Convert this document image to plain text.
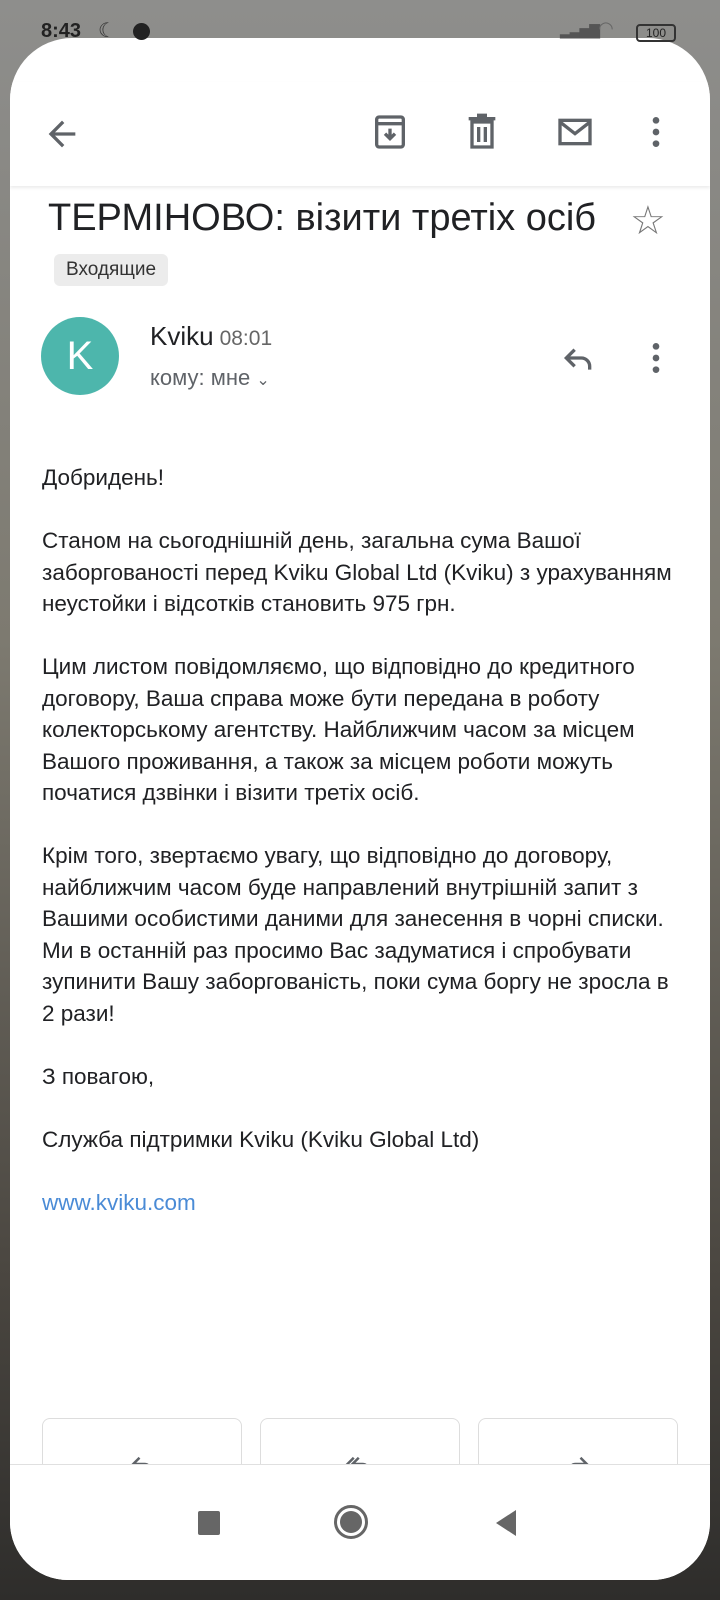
8:43 ☾	▂▃▅▇
◠	100
ТЕРМІНОВО: візити третіх осібВходящие
☆
K	Kviku 08:01
кому: мне ⌄

Добридень!

Станом на сьогоднішній день, загальна сума Вашої заборгованості перед Kviku Global Ltd (Kviku) з урахуванням неустойки і відсотків становить 975 грн.

Цим листом повідомляємо, що відповідно до кредитного договору, Ваша справа може бути передана в роботу колекторському агентству. Найближчим часом за місцем Вашого проживання, а також за місцем роботи можуть початися дзвінки і візити третіх осіб.

Крім того, звертаємо увагу, що відповідно до договору, найближчим часом буде направлений внутрішній запит з Вашими особистими даними для занесення в чорні списки. Ми в останній раз просимо Вас задуматися і спробувати зупинити Вашу заборгованість, поки сума боргу не зросла в 2 рази!

З повагою,

Служба підтримки Kviku (Kviku Global Ltd)

www.kviku.com
